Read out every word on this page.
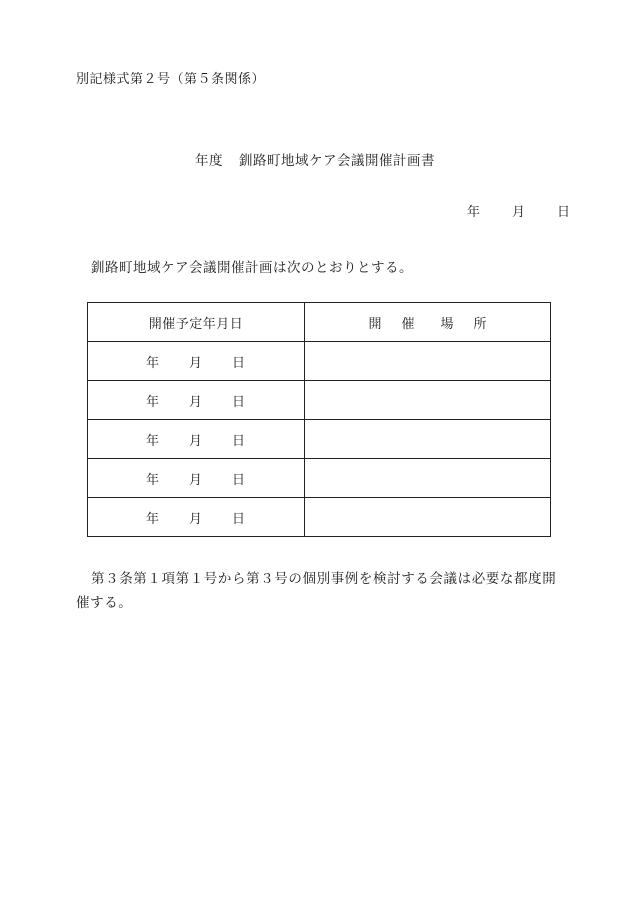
別記様式第２号（第５条関係）
年度 釧路町地域ケア会議開催計画書
年 月 日
釧路町地域ケア会議開催計画は次のとおりとする。
開催予定年月日	開 催 場 所

年 月 日	

年 月 日	

年 月 日	

年 月 日	

年 月 日	

第３条第１項第１号から第３号の個別事例を検討する会議は必要な都度開催する。
